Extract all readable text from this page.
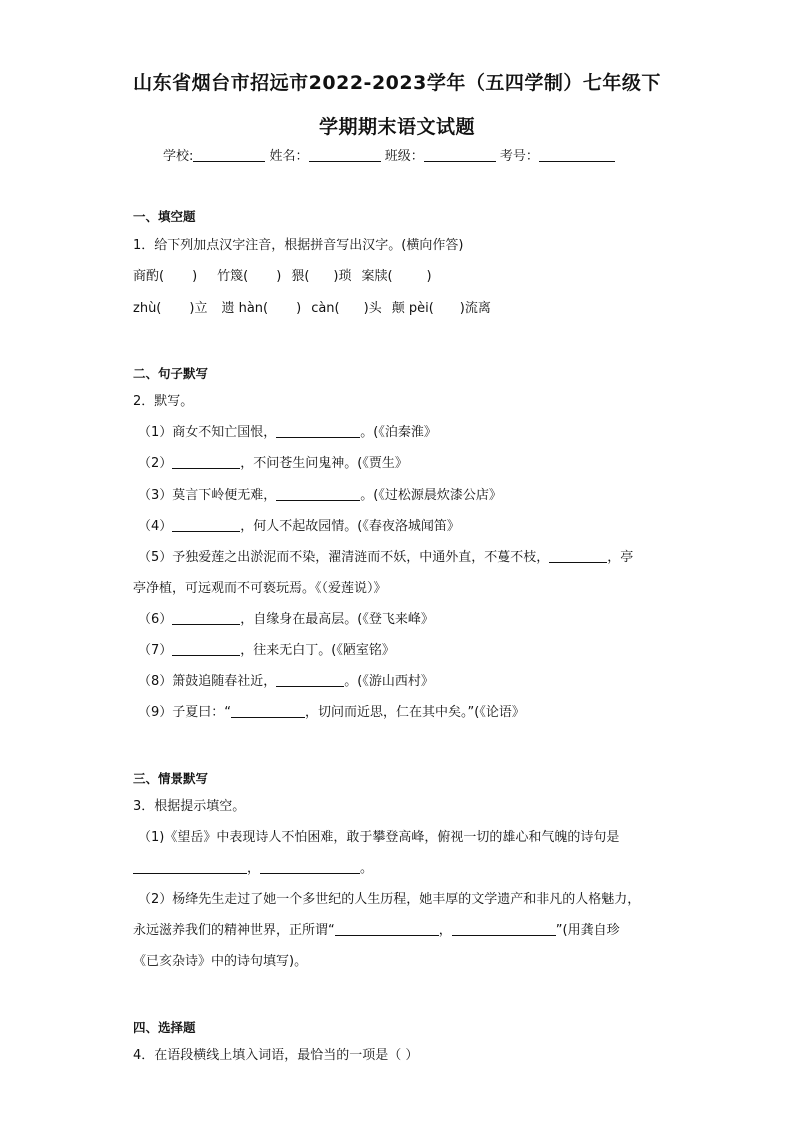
山东省烟台市招远市2022-2023学年（五四学制）七年级下
学期期末语文试题
学校:	姓名：	班级：	考号：
一、填空题
1．给下列加点汉字注音，根据拼音写出汉字。(横向作答)
商酌( ) 竹篾( ) 猥( )琐 案牍(	)
zhù( )立 遗 hàn( ) càn( )头 颠 pèi( )流离
二、句子默写
2．默写。
（1）商女不知亡国恨，	。(《泊秦淮》
（2）	，不问苍生问鬼神。(《贾生》
（3）莫言下岭便无难，	。(《过松源晨炊漆公店》
（4）	，何人不起故园情。(《春夜洛城闻笛》
（5）予独爱莲之出淤泥而不染，濯清涟而不妖，中通外直，不蔓不枝，	，亭
亭净植，可远观而不可亵玩焉。《（爱莲说）》
（6）	，自缘身在最高层。(《登飞来峰》
（7）	，往来无白丁。(《陋室铭》
（8）箫鼓追随春社近，	。(《游山西村》
（9）子夏曰：“	，切问而近思，仁在其中矣。”(《论语》
三、情景默写
3．根据提示填空。
（1)《望岳》中表现诗人不怕困难，敢于攀登高峰，俯视一切的雄心和气魄的诗句是
，	。
（2）杨绛先生走过了她一个多世纪的人生历程，她丰厚的文学遗产和非凡的人格魅力，
永远滋养我们的精神世界，正所谓“	，	”(用龚自珍
《已亥杂诗》中的诗句填写)。
四、选择题
4．在语段横线上填入词语，最恰当的一项是（ ）
